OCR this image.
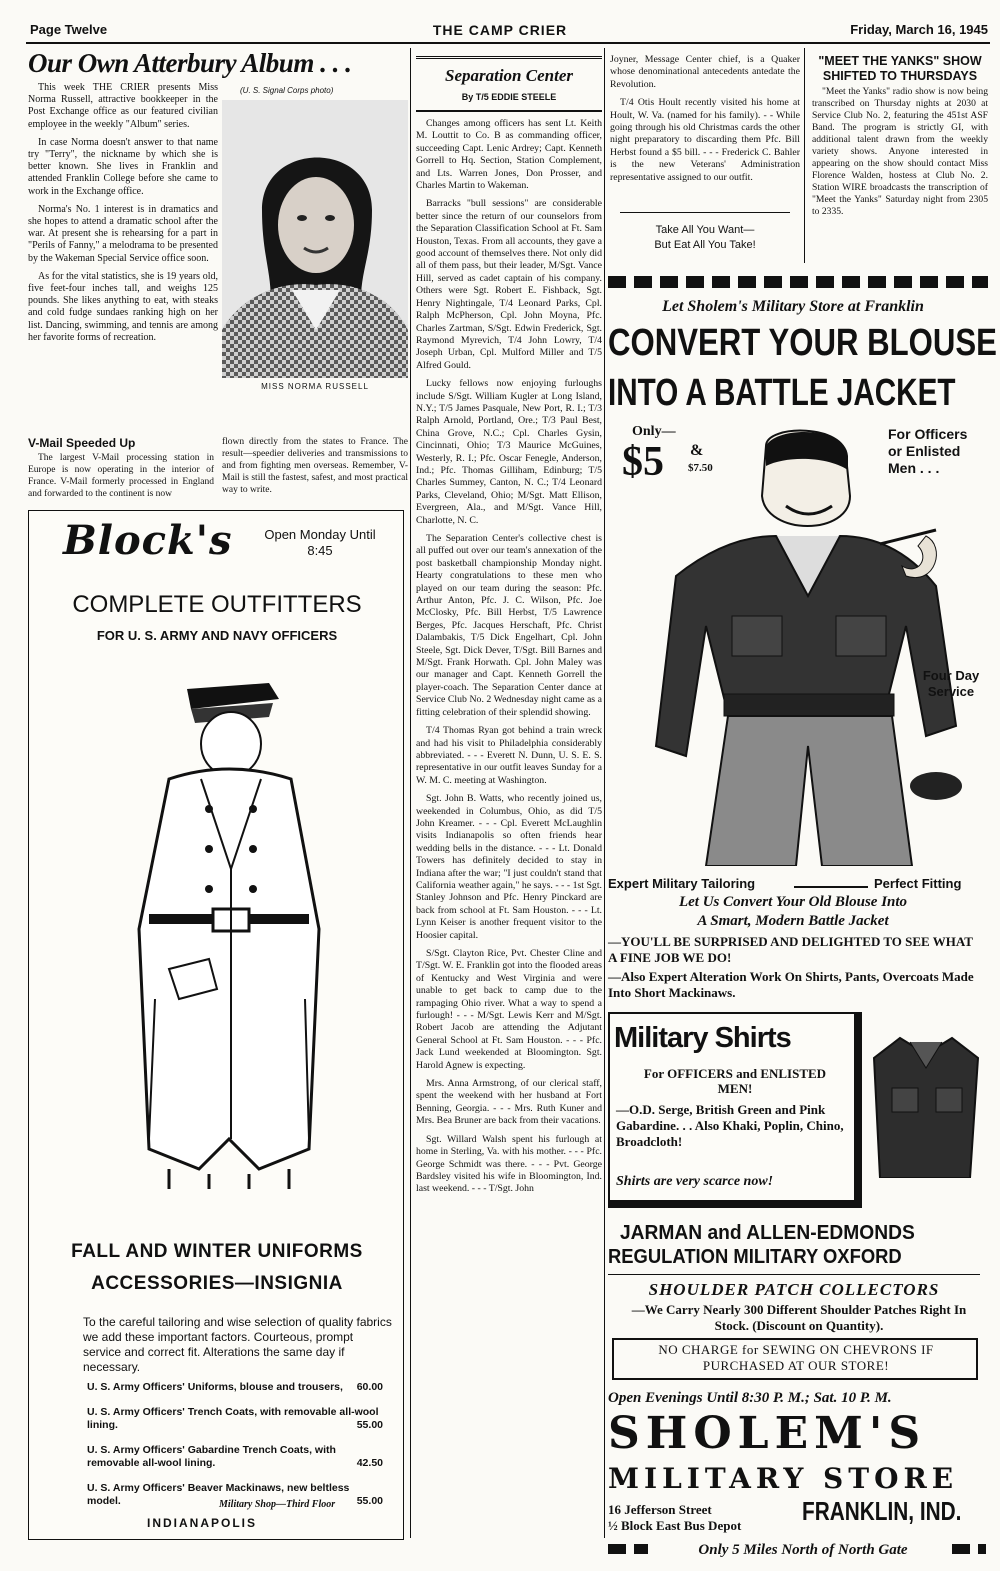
Page Twelve	THE CAMP CRIER	Friday, March 16, 1945
Our Own Atterbury Album . . .
(U. S. Signal Corps photo)
MISS NORMA RUSSELL

This week THE CRIER presents Miss Norma Russell, attractive bookkeeper in the Post Exchange office as our featured civilian employee in the weekly "Album" series.

In case Norma doesn't answer to that name try "Terry", the nickname by which she is better known. She lives in Franklin and attended Franklin College before she came to work in the Exchange office.

Norma's No. 1 interest is in dramatics and she hopes to attend a dramatic school after the war. At present she is rehearsing for a part in "Perils of Fanny," a melodrama to be presented by the Wakeman Special Service office soon.

As for the vital statistics, she is 19 years old, five feet-four inches tall, and weighs 125 pounds. She likes anything to eat, with steaks and cold fudge sundaes ranking high on her list. Dancing, swimming, and tennis are among her favorite forms of recreation.

V-Mail Speeded Up

The largest V-Mail processing station in Europe is now operating in the interior of France. V-Mail formerly processed in England and forwarded to the continent is now

flown directly from the states to France. The result—speedier deliveries and transmissions to and from fighting men overseas. Remember, V-Mail is still the fastest, safest, and most practical way to write.

Block's	Open Monday Until 8:45
COMPLETE OUTFITTERS
FOR U. S. ARMY AND NAVY OFFICERS
FALL AND WINTER UNIFORMS
ACCESSORIES—INSIGNIA
To the careful tailoring and wise selection of quality fabrics we add these important factors. Courteous, prompt service and correct fit. Alterations the same day if necessary.
U. S. Army Officers' Uniforms, blouse and trousers, 60.00
U. S. Army Officers' Trench Coats, with removable all-wool lining.	55.00
U. S. Army Officers' Gabardine Trench Coats, with removable all-wool lining.	42.50
U. S. Army Officers' Beaver Mackinaws, new beltless model.	55.00
Military Shop—Third Floor
INDIANAPOLIS
Separation Center
By T/5 EDDIE STEELE

Changes among officers has sent Lt. Keith M. Louttit to Co. B as commanding officer, succeeding Capt. Lenic Ardrey; Capt. Kenneth Gorrell to Hq. Section, Station Complement, and Lts. Warren Jones, Don Prosser, and Charles Martin to Wakeman.

Barracks "bull sessions" are considerable better since the return of our counselors from the Separation Classification School at Ft. Sam Houston, Texas. From all accounts, they gave a good account of themselves there. Not only did all of them pass, but their leader, M/Sgt. Vance Hill, served as cadet captain of his company. Others were Sgt. Robert E. Fishback, Sgt. Henry Nightingale, T/4 Leonard Parks, Cpl. Ralph McPherson, Cpl. John Moyna, Pfc. Charles Zartman, S/Sgt. Edwin Frederick, Sgt. Raymond Myrevich, T/4 John Lowry, T/4 Joseph Urban, Cpl. Mulford Miller and T/5 Alfred Gould.

Lucky fellows now enjoying furloughs include S/Sgt. William Kugler at Long Island, N.Y.; T/5 James Pasquale, New Port, R. I.; T/3 Ralph Arnold, Portland, Ore.; T/3 Paul Best, China Grove, N.C.; Cpl. Charles Gysin, Cincinnati, Ohio; T/3 Maurice McGuines, Westerly, R. I.; Pfc. Oscar Fenegle, Anderson, Ind.; Pfc. Thomas Gilliham, Edinburg; T/5 Charles Summey, Canton, N. C.; T/4 Leonard Parks, Cleveland, Ohio; M/Sgt. Matt Ellison, Evergreen, Ala., and M/Sgt. Vance Hill, Charlotte, N. C.

The Separation Center's collective chest is all puffed out over our team's annexation of the post basketball championship Monday night. Hearty congratulations to these men who played on our team during the season: Pfc. Arthur Anton, Pfc. J. C. Wilson, Pfc. Joe McClosky, Pfc. Bill Herbst, T/5 Lawrence Berges, Pfc. Jacques Herschaft, Pfc. Christ Dalambakis, T/5 Dick Engelhart, Cpl. John Steele, Sgt. Dick Dever, T/Sgt. Bill Barnes and M/Sgt. Frank Horwath. Cpl. John Maley was our manager and Capt. Kenneth Gorrell the player-coach. The Separation Center dance at Service Club No. 2 Wednesday night came as a fitting celebration of their splendid showing.

T/4 Thomas Ryan got behind a train wreck and had his visit to Philadelphia considerably abbreviated. - - - Everett N. Dunn, U. S. E. S. representative in our outfit leaves Sunday for a W. M. C. meeting at Washington.

Sgt. John B. Watts, who recently joined us, weekended in Columbus, Ohio, as did T/5 John Kreamer. - - - Cpl. Everett McLaughlin visits Indianapolis so often friends hear wedding bells in the distance. - - - Lt. Donald Towers has definitely decided to stay in Indiana after the war; "I just couldn't stand that California weather again," he says. - - - 1st Sgt. Stanley Johnson and Pfc. Henry Pinckard are back from school at Ft. Sam Houston. - - - Lt. Lynn Keiser is another frequent visitor to the Hoosier capital.

S/Sgt. Clayton Rice, Pvt. Chester Cline and T/Sgt. W. E. Franklin got into the flooded areas of Kentucky and West Virginia and were unable to get back to camp due to the rampaging Ohio river. What a way to spend a furlough! - - - M/Sgt. Lewis Kerr and M/Sgt. Robert Jacob are attending the Adjutant General School at Ft. Sam Houston. - - - Pfc. Jack Lund weekended at Bloomington. Sgt. Harold Agnew is expecting.

Mrs. Anna Armstrong, of our clerical staff, spent the weekend with her husband at Fort Benning, Georgia. - - - Mrs. Ruth Kuner and Mrs. Bea Bruner are back from their vacations.

Sgt. Willard Walsh spent his furlough at home in Sterling, Va. with his mother. - - - Pfc. George Schmidt was there. - - - Pvt. George Bardsley visited his wife in Bloomington, Ind. last weekend. - - - T/Sgt. John

Joyner, Message Center chief, is a Quaker whose denominational antecedents antedate the Revolution.

T/4 Otis Hoult recently visited his home at Hoult, W. Va. (named for his family). - - While going through his old Christmas cards the other night preparatory to discarding them Pfc. Bill Herbst found a $5 bill. - - - Frederick C. Bahler is the new Veterans' Administration representative assigned to our outfit.

Take All You Want—
But Eat All You Take!
"MEET THE YANKS" SHOW
SHIFTED TO THURSDAYS

"Meet the Yanks" radio show is now being transcribed on Thursday nights at 2030 at Service Club No. 2, featuring the 451st ASF Band. The program is strictly GI, with additional talent drawn from the weekly variety shows. Anyone interested in appearing on the show should contact Miss Florence Walden, hostess at Club No. 2. Station WIRE broadcasts the transcription of "Meet the Yanks" Saturday night from 2305 to 2335.

Let Sholem's Military Store at Franklin
CONVERT YOUR BLOUSE
INTO A BATTLE JACKET
Only—
$5 &
$7.50
For Officers or Enlisted Men . . .
Four Day Service
Expert Military Tailoring	Perfect Fitting
Let Us Convert Your Old Blouse Into
A Smart, Modern Battle Jacket
—YOU'LL BE SURPRISED AND DELIGHTED TO SEE WHAT A FINE JOB WE DO!
—Also Expert Alteration Work On Shirts, Pants, Overcoats Made Into Short Mackinaws.
Military Shirts
For OFFICERS and ENLISTED MEN!
—O.D. Serge, British Green and Pink Gabardine. . . Also Khaki, Poplin, Chino, Broadcloth!
Shirts are very scarce now!
JARMAN and ALLEN-EDMONDS
REGULATION MILITARY OXFORD
SHOULDER PATCH COLLECTORS
—We Carry Nearly 300 Different Shoulder Patches Right In Stock. (Discount on Quantity).
NO CHARGE for SEWING ON CHEVRONS IF PURCHASED AT OUR STORE!
Open Evenings Until 8:30 P. M.; Sat. 10 P. M.
SHOLEM'S
MILITARY STORE
16 Jefferson Street
½ Block East Bus Depot FRANKLIN, IND.
Only 5 Miles North of North Gate
